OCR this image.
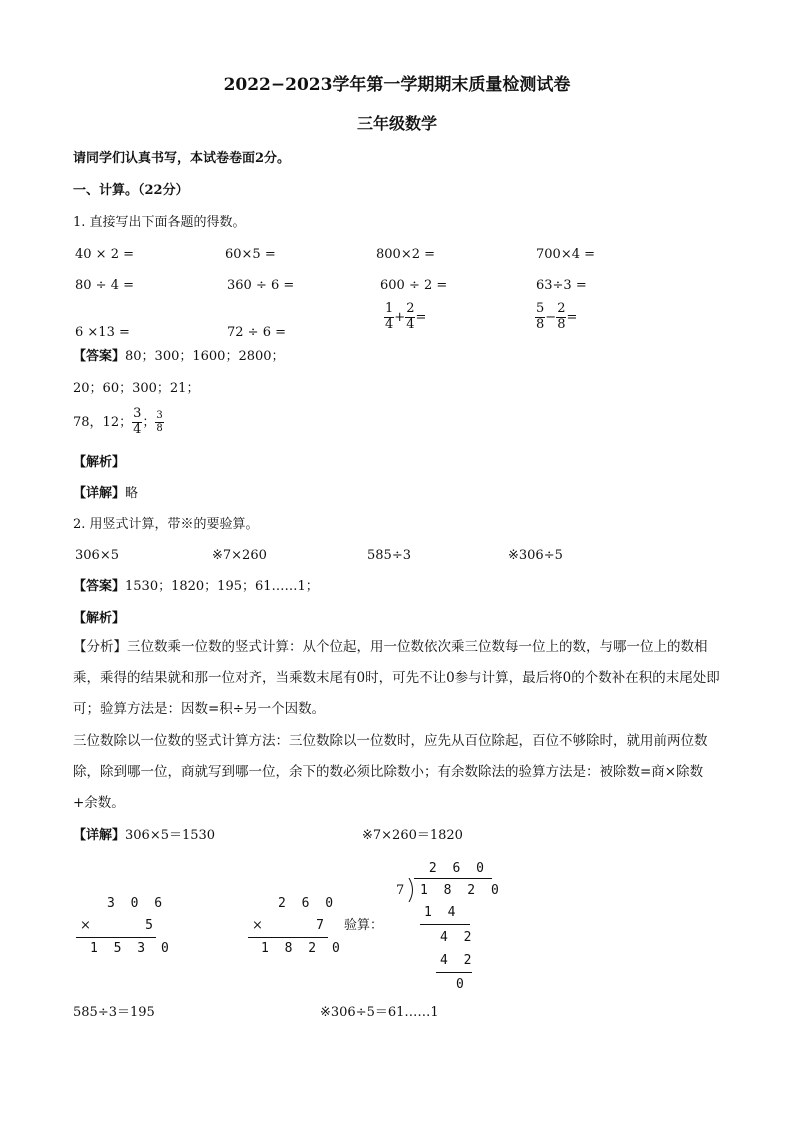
2022−2023学年第一学期期末质量检测试卷
三年级数学
请同学们认真书写，本试卷卷面2分。
一、计算。（22分）
1. 直接写出下面各题的得数。
40 × 2 =	60×5 =	800×2 =	700×4 =
80 ÷ 4 =	360 ÷ 6 =	600 ÷ 2 =	63÷3 =
6 ×13 =	72 ÷ 6 =	$\frac{1}{4} + \frac{2}{4}$ =	$\frac{5}{8} - \frac{2}{8}$ =
【答案】80；300；1600；2800；
20；60；300；21；
78，12； $\frac{3}{4}$ ； $\frac{3}{8}$
【解析】
【详解】略
2. 用竖式计算，带※的要验算。
306×5	※7×260	585÷3	※306÷5
【答案】1530；1820；195；61……1；
【解析】
【分析】三位数乘一位数的竖式计算：从个位起，用一位数依次乘三位数每一位上的数，与哪一位上的数相乘，乘得的结果就和那一位对齐，当乘数末尾有0时，可先不让0参与计算，最后将0的个数补在积的末尾处即可；验算方法是：因数=积÷另一个因数。
三位数除以一位数的竖式计算方法：三位数除以一位数时，应先从百位除起，百位不够除时，就用前两位数除，除到哪一位，商就写到哪一位，余下的数必须比除数小；有余数除法的验算方法是：被除数=商×除数+余数。
【详解】306×5＝1530	※7×260＝1820
3 0 6
×	5
1 5 3 0
2 6 0
×	7
1 8 2 0
验算：
2 6 0
7 1 8 2 0
1 4
4 2
4 2
0
585÷3＝195	※306÷5＝61……1
